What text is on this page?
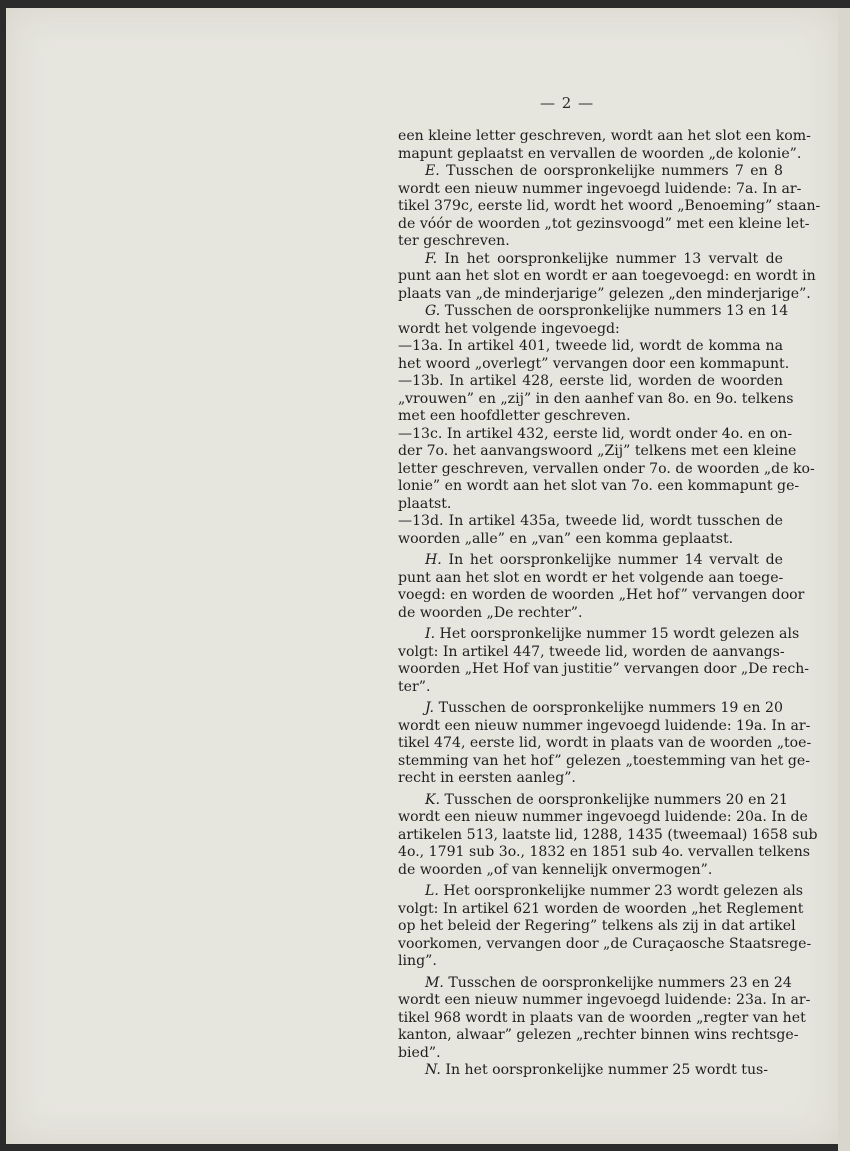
— 2 —
een kleine letter geschreven, wordt aan het slot een kom-
mapunt geplaatst en vervallen de woorden „de kolonie”.
E. Tusschen de oorspronkelijke nummers 7 en 8
wordt een nieuw nummer ingevoegd luidende: 7a. In ar-
tikel 379c, eerste lid, wordt het woord „Benoeming” staan-
de vóór de woorden „tot gezinsvoogd” met een kleine let-
ter geschreven.
F. In het oorspronkelijke nummer 13 vervalt de
punt aan het slot en wordt er aan toegevoegd: en wordt in
plaats van „de minderjarige” gelezen „den minderjarige”.
G. Tusschen de oorspronkelijke nummers 13 en 14
wordt het volgende ingevoegd:
—13a. In artikel 401, tweede lid, wordt de komma na
het woord „overlegt” vervangen door een kommapunt.
—13b. In artikel 428, eerste lid, worden de woorden
„vrouwen” en „zij” in den aanhef van 8o. en 9o. telkens
met een hoofdletter geschreven.
—13c. In artikel 432, eerste lid, wordt onder 4o. en on-
der 7o. het aanvangswoord „Zij” telkens met een kleine
letter geschreven, vervallen onder 7o. de woorden „de ko-
lonie” en wordt aan het slot van 7o. een kommapunt ge-
plaatst.
—13d. In artikel 435a, tweede lid, wordt tusschen de
woorden „alle” en „van” een komma geplaatst.
H. In het oorspronkelijke nummer 14 vervalt de
punt aan het slot en wordt er het volgende aan toege-
voegd: en worden de woorden „Het hof” vervangen door
de woorden „De rechter”.
I. Het oorspronkelijke nummer 15 wordt gelezen als
volgt: In artikel 447, tweede lid, worden de aanvangs-
woorden „Het Hof van justitie” vervangen door „De rech-
ter”.
J. Tusschen de oorspronkelijke nummers 19 en 20
wordt een nieuw nummer ingevoegd luidende: 19a. In ar-
tikel 474, eerste lid, wordt in plaats van de woorden „toe-
stemming van het hof” gelezen „toestemming van het ge-
recht in eersten aanleg”.
K. Tusschen de oorspronkelijke nummers 20 en 21
wordt een nieuw nummer ingevoegd luidende: 20a. In de
artikelen 513, laatste lid, 1288, 1435 (tweemaal) 1658 sub
4o., 1791 sub 3o., 1832 en 1851 sub 4o. vervallen telkens
de woorden „of van kennelijk onvermogen”.
L. Het oorspronkelijke nummer 23 wordt gelezen als
volgt: In artikel 621 worden de woorden „het Reglement
op het beleid der Regering” telkens als zij in dat artikel
voorkomen, vervangen door „de Curaçaosche Staatsrege-
ling”.
M. Tusschen de oorspronkelijke nummers 23 en 24
wordt een nieuw nummer ingevoegd luidende: 23a. In ar-
tikel 968 wordt in plaats van de woorden „regter van het
kanton, alwaar” gelezen „rechter binnen wins rechtsge-
bied”.
N. In het oorspronkelijke nummer 25 wordt tus-
